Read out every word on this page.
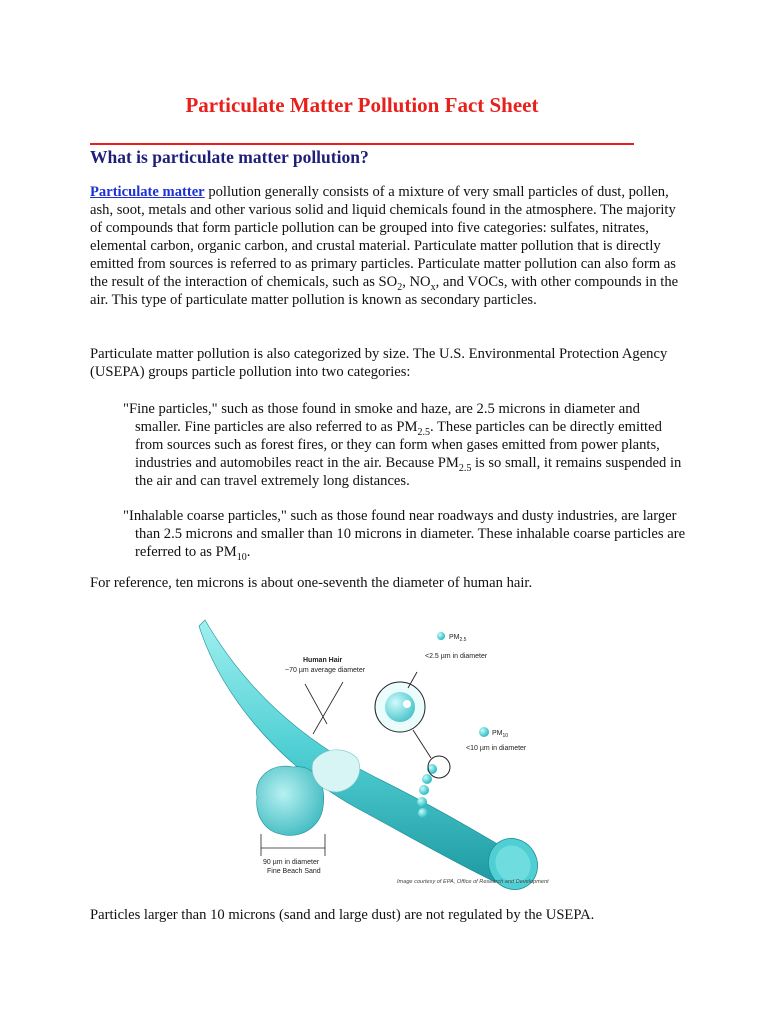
Particulate Matter Pollution Fact Sheet
What is particulate matter pollution?
Particulate matter pollution generally consists of a mixture of very small particles of dust, pollen, ash, soot, metals and other various solid and liquid chemicals found in the atmosphere. The majority of compounds that form particle pollution can be grouped into five categories: sulfates, nitrates, elemental carbon, organic carbon, and crustal material. Particulate matter pollution that is directly emitted from sources is referred to as primary particles. Particulate matter pollution can also form as the result of the interaction of chemicals, such as $SO_2$, $NO_x$, and VOCs, with other compounds in the air. This type of particulate matter pollution is known as secondary particles.
Particulate matter pollution is also categorized by size. The U.S. Environmental Protection Agency (USEPA) groups particle pollution into two categories:
"Fine particles," such as those found in smoke and haze, are 2.5 microns in diameter and smaller. Fine particles are also referred to as $PM_{2.5}$. These particles can be directly emitted from sources such as forest fires, or they can form when gases emitted from power plants, industries and automobiles react in the air. Because $PM_{2.5}$ is so small, it remains suspended in the air and can travel extremely long distances.
"Inhalable coarse particles," such as those found near roadways and dusty industries, are larger than 2.5 microns and smaller than 10 microns in diameter. These inhalable coarse particles are referred to as $PM_{10}$.
For reference, ten microns is about one-seventh the diameter of human hair.
$PM_{2.5}$
<2.5 µm in diameter
$PM_{10}$
<10 µm in diameter
Human Hair
~70 µm average diameter
90 µm in diameter
Fine Beach Sand
Image courtesy of EPA, Office of Research and Development
Particles larger than 10 microns (sand and large dust) are not regulated by the USEPA.
